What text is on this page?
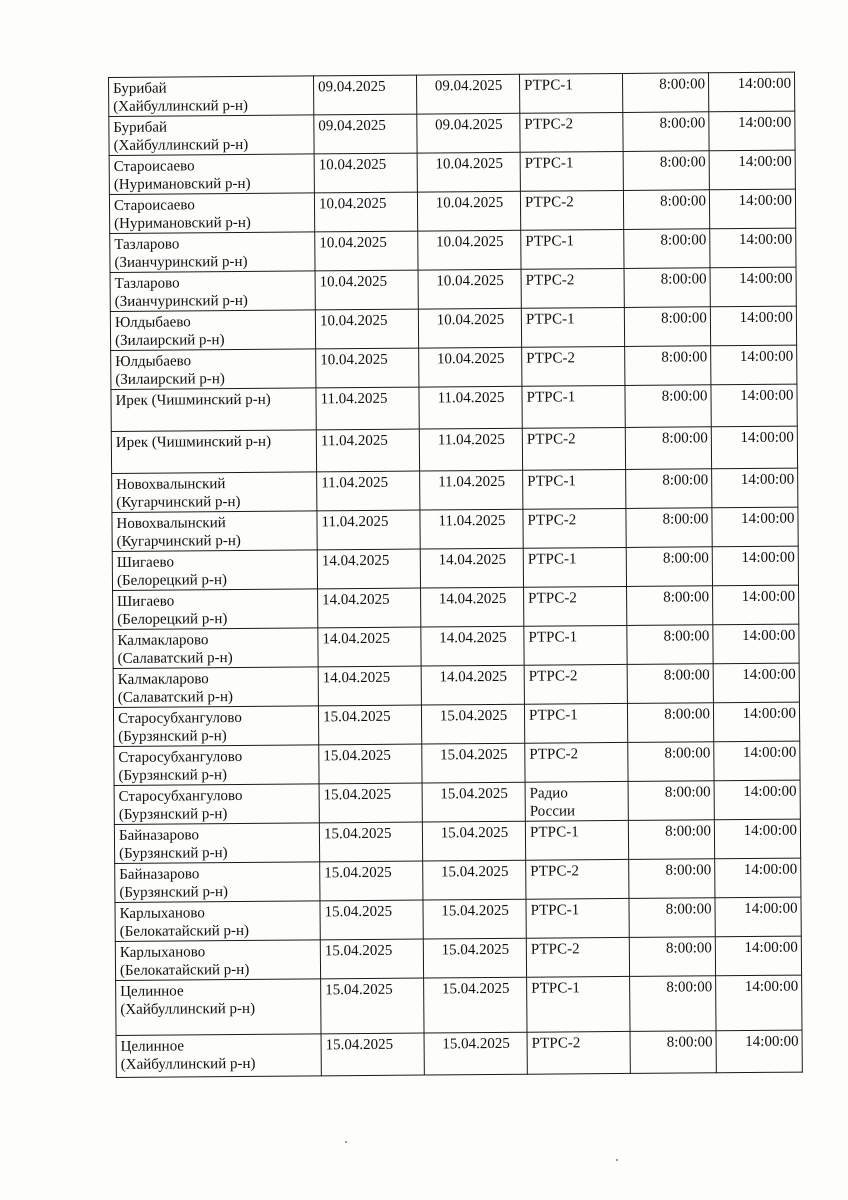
Бурибай
(Хайбуллинский р-н)	09.04.2025	09.04.2025	РТРС-1	8:00:00	14:00:00

Бурибай
(Хайбуллинский р-н)	09.04.2025	09.04.2025	РТРС-2	8:00:00	14:00:00

Староисаево
(Нуримановский р-н)	10.04.2025	10.04.2025	РТРС-1	8:00:00	14:00:00

Староисаево
(Нуримановский р-н)	10.04.2025	10.04.2025	РТРС-2	8:00:00	14:00:00

Тазларово
(Зианчуринский р-н)	10.04.2025	10.04.2025	РТРС-1	8:00:00	14:00:00

Тазларово
(Зианчуринский р-н)	10.04.2025	10.04.2025	РТРС-2	8:00:00	14:00:00

Юлдыбаево
(Зилаирский р-н)	10.04.2025	10.04.2025	РТРС-1	8:00:00	14:00:00

Юлдыбаево
(Зилаирский р-н)	10.04.2025	10.04.2025	РТРС-2	8:00:00	14:00:00

Ирек (Чишминский р-н)	11.04.2025	11.04.2025	РТРС-1	8:00:00	14:00:00

Ирек (Чишминский р-н)	11.04.2025	11.04.2025	РТРС-2	8:00:00	14:00:00

Новохвалынский
(Кугарчинский р-н)	11.04.2025	11.04.2025	РТРС-1	8:00:00	14:00:00

Новохвалынский
(Кугарчинский р-н)	11.04.2025	11.04.2025	РТРС-2	8:00:00	14:00:00

Шигаево
(Белорецкий р-н)	14.04.2025	14.04.2025	РТРС-1	8:00:00	14:00:00

Шигаево
(Белорецкий р-н)	14.04.2025	14.04.2025	РТРС-2	8:00:00	14:00:00

Калмакларово
(Салаватский р-н)	14.04.2025	14.04.2025	РТРС-1	8:00:00	14:00:00

Калмакларово
(Салаватский р-н)	14.04.2025	14.04.2025	РТРС-2	8:00:00	14:00:00

Старосубхангулово
(Бурзянский р-н)	15.04.2025	15.04.2025	РТРС-1	8:00:00	14:00:00

Старосубхангулово
(Бурзянский р-н)	15.04.2025	15.04.2025	РТРС-2	8:00:00	14:00:00

Старосубхангулово
(Бурзянский р-н)	15.04.2025	15.04.2025	Радио
России	8:00:00	14:00:00

Байназарово
(Бурзянский р-н)	15.04.2025	15.04.2025	РТРС-1	8:00:00	14:00:00

Байназарово
(Бурзянский р-н)	15.04.2025	15.04.2025	РТРС-2	8:00:00	14:00:00

Карлыханово
(Белокатайский р-н)	15.04.2025	15.04.2025	РТРС-1	8:00:00	14:00:00

Карлыханово
(Белокатайский р-н)	15.04.2025	15.04.2025	РТРС-2	8:00:00	14:00:00

Целинное
(Хайбуллинский р-н)	15.04.2025	15.04.2025	РТРС-1	8:00:00	14:00:00

Целинное
(Хайбуллинский р-н)	15.04.2025	15.04.2025	РТРС-2	8:00:00	14:00:00
